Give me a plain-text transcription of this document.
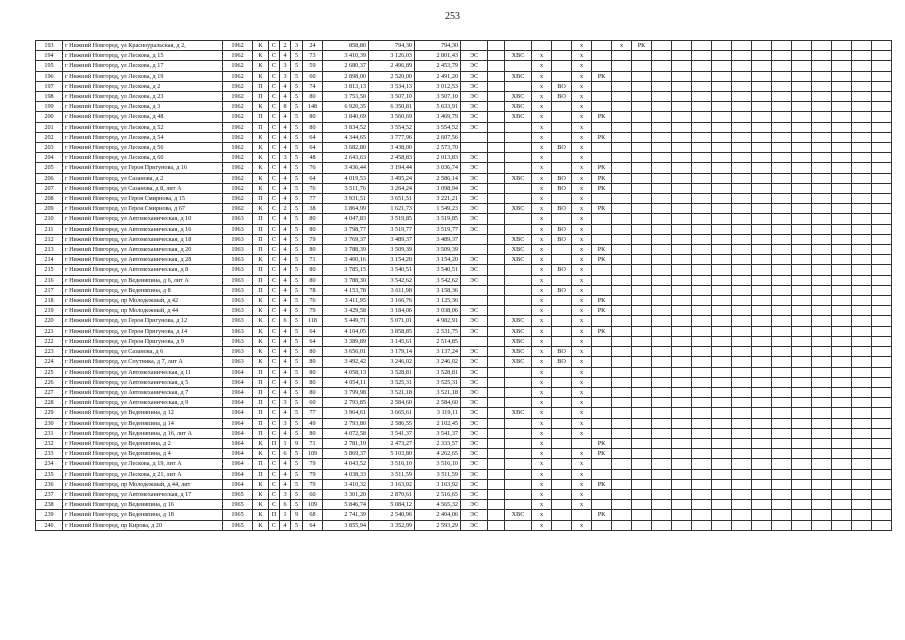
253
193	г Нижний Новгород, ул Красноуральская, д 2,	1962	К	С	2	3	24	858,80	794,30	794,30						x		x	РК												
194	г Нижний Новгород, ул Лескова, д 15	1962	К	С	4	5	73	3 410,39	3 126,03	2 801,43	ЭС		ХВС	x		x															
195	г Нижний Новгород, ул Лескова, д 17	1962	К	С	3	5	59	2 680,37	2 496,89	2 453,79	ЭС			x		x															
196	г Нижний Новгород, ул Лескова, д 19	1962	К	С	3	5	60	2 898,00	2 520,00	2 491,20	ЭС		ХВС	x		x	РК														
197	г Нижний Новгород, ул Лескова, д 2	1962	П	С	4	5	74	3 813,13	3 534,13	3 012,53	ЭС			x	ВО	x															
198	г Нижний Новгород, ул Лескова, д 23	1962	П	С	4	5	80	3 753,50	3 507,10	3 507,10	ЭС		ХВС	x	ВО	x															
199	г Нижний Новгород, ул Лескова, д 3	1962	К	С	8	5	148	6 920,35	6 350,81	5 633,91	ЭС		ХВС	x		x															
200	г Нижний Новгород, ул Лескова, д 48	1962	П	С	4	5	80	3 840,69	3 560,69	3 469,79	ЭС		ХВС	x		x	РК														
201	г Нижний Новгород, ул Лескова, д 52	1962	П	С	4	5	80	3 834,52	3 554,52	3 554,52	ЭС			x		x															
202	г Нижний Новгород, ул Лескова, д 54	1962	К	С	4	5	64	4 344,65	3 777,96	2 607,56				x		x	РК														
203	г Нижний Новгород, ул Лескова, д 56	1962	К	С	4	5	64	3 682,80	3 438,00	2 573,70				x	ВО	x															
204	г Нижний Новгород, ул Лескова, д 60	1962	К	С	3	5	48	2 643,63	2 458,83	2 013,83	ЭС			x		x															
205	г Нижний Новгород, ул Героя Пригунова, д 16	1962	К	С	4	5	76	3 436,44	3 194,44	3 036,74	ЭС			x		x	РК														
206	г Нижний Новгород, ул Сазанова, д 2	1962	К	С	4	5	64	4 019,53	3 495,24	2 586,14	ЭС		ХВС	x	ВО	x	РК														
207	г Нижний Новгород, ул Сазанова, д 8, лит А	1962	К	С	4	5	76	3 511,76	3 264,24	3 098,94	ЭС			x	ВО	x	РК														
208	г Нижний Новгород, ул Героя Смирнова, д 15	1962	П	С	4	5	77	3 931,51	3 651,51	3 221,21	ЭС			x		x															
209	г Нижний Новгород, ул Героя Смирнова, д 67	1962	К	С	2	5	38	1 864,99	1 621,73	1 549,23	ЭС		ХВС	x	ВО	x	РК														
210	г Нижний Новгород, ул Автомеханическая, д 10	1963	П	С	4	5	80	4 047,83	3 519,85	3 519,85	ЭС			x		x															
211	г Нижний Новгород, ул Автомеханическая, д 16	1963	П	С	4	5	80	3 798,77	3 519,77	3 519,77	ЭС			x	ВО	x															
212	г Нижний Новгород, ул Автомеханическая, д 18	1963	П	С	4	5	79	3 769,37	3 489,37	3 489,37			ХВС	x	ВО	x															
213	г Нижний Новгород, ул Автомеханическая, д 20	1963	П	С	4	5	80	3 788,39	3 509,39	3 509,39			ХВС	x		x	РК														
214	г Нижний Новгород, ул Автомеханическая, д 28	1963	К	С	4	5	71	3 400,16	3 154,20	3 154,20	ЭС		ХВС	x		x	РК														
215	г Нижний Новгород, ул Автомеханическая, д 8	1963	П	С	4	5	80	3 785,15	3 540,51	3 540,51	ЭС			x	ВО	x															
216	г Нижний Новгород, ул Веденяпина, д 6, лит А	1963	П	С	4	5	80	3 788,30	3 542,62	3 542,62	ЭС			x		x															
217	г Нижний Новгород, ул Веденяпина, д 8	1963	П	С	4	5	78	4 153,78	3 611,98	3 158,36				x	ВО	x															
218	г Нижний Новгород, пр Молодежный, д 42	1963	К	С	4	5	76	3 411,95	3 166,76	3 125,36				x		x	РК														
219	г Нижний Новгород, пр Молодежный, д 44	1963	К	С	4	5	79	3 429,58	3 184,06	3 038,06	ЭС			x		x	РК														
220	г Нижний Новгород, ул Героя Пригунова, д 12	1963	К	С	6	5	118	5 449,71	5 071,01	4 982,91	ЭС		ХВС	x		x															
221	г Нижний Новгород, ул Героя Пригунова, д 14	1963	К	С	4	5	64	4 104,05	3 858,85	2 531,75	ЭС		ХВС	x		x	РК														
222	г Нижний Новгород, ул Героя Пригунова, д 9	1963	К	С	4	5	64	3 389,89	3 145,61	2 514,85			ХВС	x		x															
223	г Нижний Новгород, ул Сазанова, д 6	1963	К	С	4	5	80	3 656,01	3 179,14	3 137,24	ЭС		ХВС	x	ВО	x															
224	г Нижний Новгород, ул Спутника, д 7, лит А	1963	К	С	4	5	80	3 492,42	3 246,02	3 246,02	ЭС		ХВС	x	ВО	x															
225	г Нижний Новгород, ул Автомеханическая, д 11	1964	П	С	4	5	80	4 058,13	3 528,81	3 528,81	ЭС			x		x															
226	г Нижний Новгород, ул Автомеханическая, д 5	1964	П	С	4	5	80	4 054,11	3 525,31	3 525,31	ЭС			x		x															
227	г Нижний Новгород, ул Автомеханическая, д 7	1964	П	С	4	5	80	3 799,98	3 521,18	3 521,18	ЭС			x		x															
228	г Нижний Новгород, ул Автомеханическая, д 9	1964	П	С	3	5	60	2 793,85	2 584,60	2 584,60	ЭС			x		x															
229	г Нижний Новгород, ул Веденяпина, д 12	1964	П	С	4	5	77	3 964,61	3 665,61	3 119,11	ЭС		ХВС	x		x															
230	г Нижний Новгород, ул Веденяпина, д 14	1964	П	С	3	5	49	2 793,80	2 586,55	2 102,45	ЭС			x		x															
231	г Нижний Новгород, ул Веденяпина, д 16, лит А	1964	П	С	4	5	80	4 072,58	3 541,37	3 541,37	ЭС			x		x															
232	г Нижний Новгород, ул Веденяпина, д 2	1964	К	П	1	9	71	2 781,19	2 473,27	2 333,57	ЭС			x			РК														
233	г Нижний Новгород, ул Веденяпина, д 4	1964	К	С	6	5	109	5 869,37	5 103,80	4 262,65	ЭС			x		x	РК														
234	г Нижний Новгород, ул Лескова, д 19, лит А	1964	П	С	4	5	79	4 043,52	3 516,10	3 516,10	ЭС			x		x															
235	г Нижний Новгород, ул Лескова, д 21, лит А	1964	П	С	4	5	79	4 038,33	3 511,59	3 511,59	ЭС			x		x															
236	г Нижний Новгород, пр Молодежный, д 44, лит	1964	К	С	4	5	79	3 410,32	3 163,92	3 163,92	ЭС			x		x	РК														
237	г Нижний Новгород, ул Автомеханическая, д 17	1965	К	С	3	5	60	3 301,20	2 870,61	2 516,65	ЭС			x		x															
238	г Нижний Новгород, ул Веденяпина, д 16	1965	К	С	6	5	109	5 846,74	5 084,12	4 565,32	ЭС			x		x															
239	г Нижний Новгород, ул Веденяпина, д 18	1965	К	П	1	9	68	2 741,39	2 540,96	2 404,06	ЭС		ХВС	x			РК														
240	г Нижний Новгород, пр Кирова, д 20	1965	К	С	4	5	64	3 855,94	3 352,99	2 593,29	ЭС			x		x															
